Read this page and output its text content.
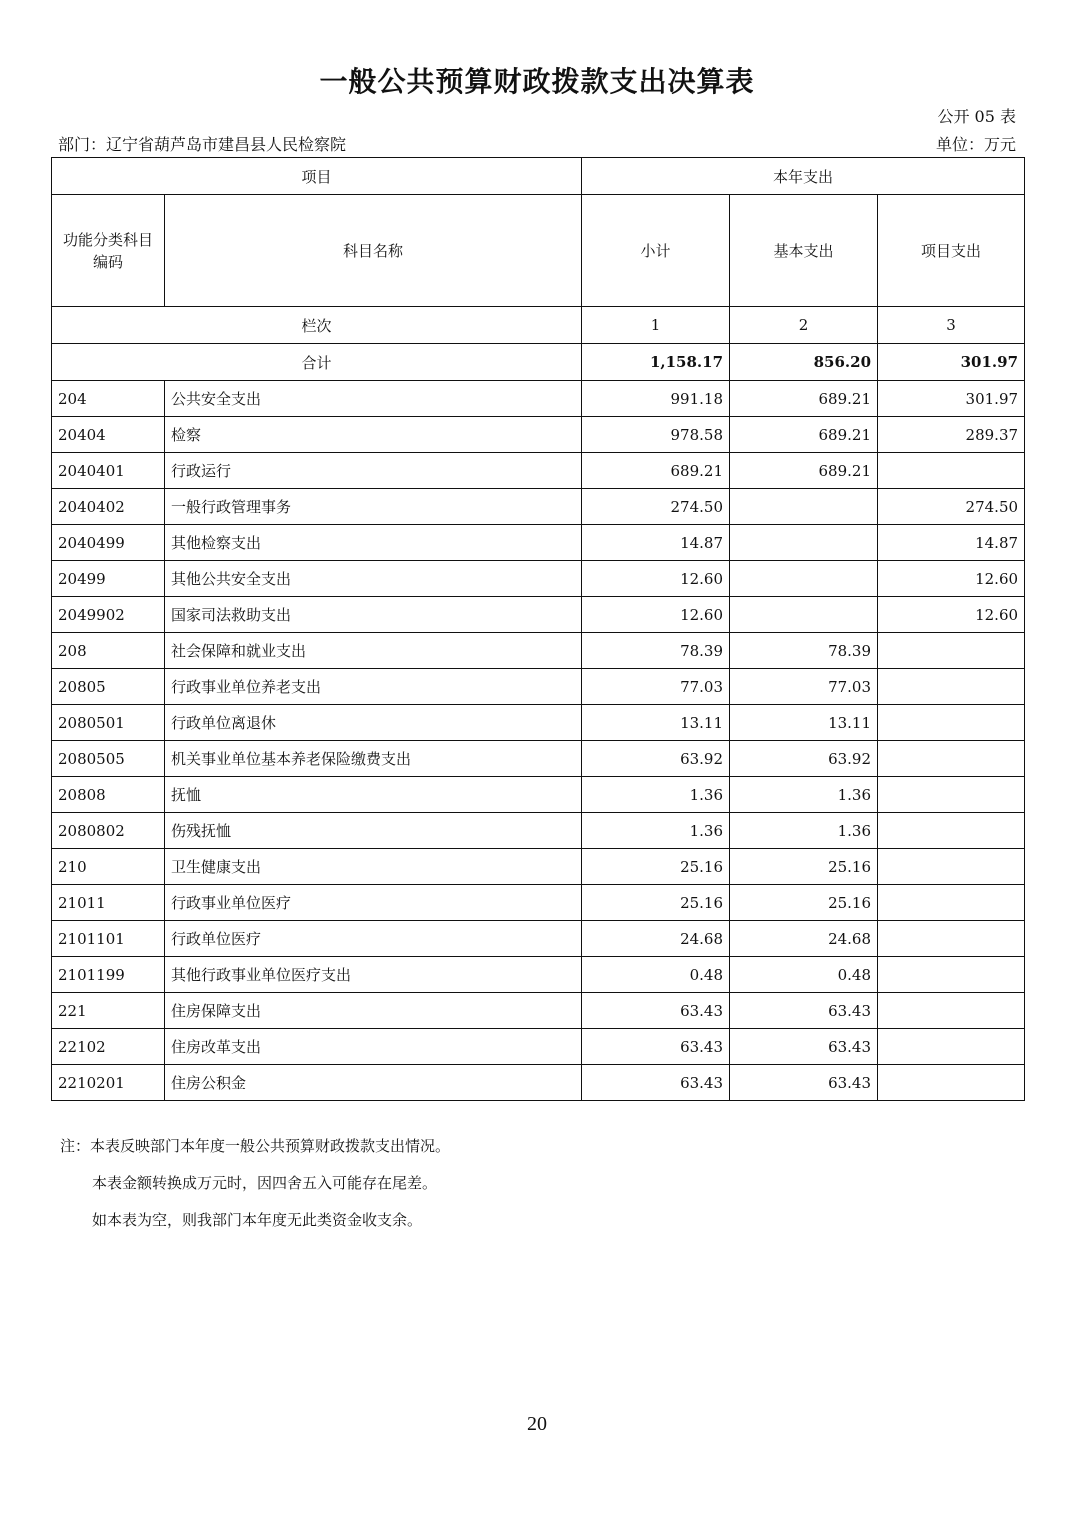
一般公共预算财政拨款支出决算表
公开 05 表
部门：辽宁省葫芦岛市建昌县人民检察院	单位：万元
项目		本年支出		
功能分类科目编码	科目名称	小计	基本支出	项目支出
栏次		1	2	3
合计		1,158.17	856.20	301.97
204	公共安全支出	991.18	689.21	301.97
20404	检察	978.58	689.21	289.37
2040401	行政运行	689.21	689.21	
2040402	一般行政管理事务	274.50		274.50
2040499	其他检察支出	14.87		14.87
20499	其他公共安全支出	12.60		12.60
2049902	国家司法救助支出	12.60		12.60
208	社会保障和就业支出	78.39	78.39	
20805	行政事业单位养老支出	77.03	77.03	
2080501	行政单位离退休	13.11	13.11	
2080505	机关事业单位基本养老保险缴费支出	63.92	63.92	
20808	抚恤	1.36	1.36	
2080802	伤残抚恤	1.36	1.36	
210	卫生健康支出	25.16	25.16	
21011	行政事业单位医疗	25.16	25.16	
2101101	行政单位医疗	24.68	24.68	
2101199	其他行政事业单位医疗支出	0.48	0.48	
221	住房保障支出	63.43	63.43	
22102	住房改革支出	63.43	63.43	
2210201	住房公积金	63.43	63.43	
注：本表反映部门本年度一般公共预算财政拨款支出情况。
本表金额转换成万元时，因四舍五入可能存在尾差。
如本表为空，则我部门本年度无此类资金收支余。
20
